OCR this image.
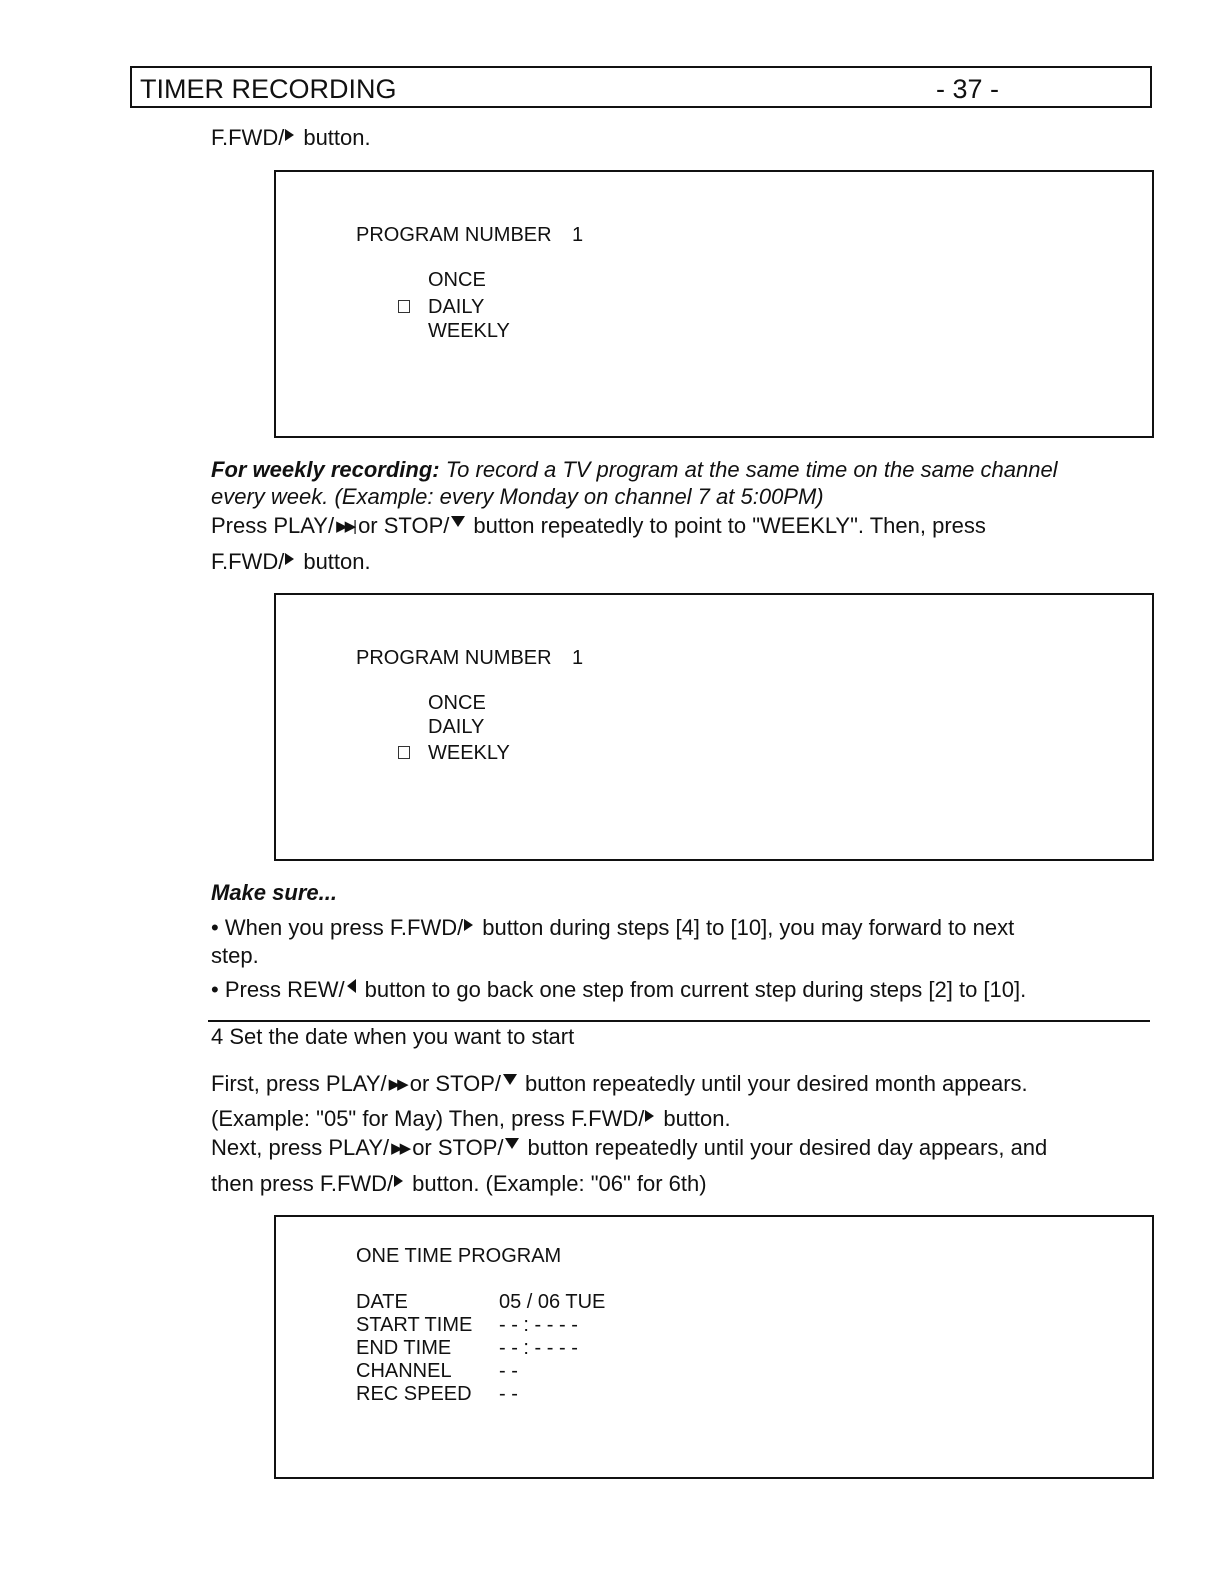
TIMER RECORDING	- 37 -
F.FWD/ button.
PROGRAM NUMBER 1
ONCE
DAILY
WEEKLY
For weekly recording: To record a TV program at the same time on the same channel
every week. (Example: every Monday on channel 7 at 5:00PM)
Press PLAY/ ▶▶| or STOP/ button repeatedly to point to "WEEKLY". Then, press
F.FWD/ button.
PROGRAM NUMBER 1
ONCE
DAILY
WEEKLY
Make sure...
• When you press F.FWD/ button during steps [4] to [10], you may forward to next
step.
• Press REW/ button to go back one step from current step during steps [2] to [10].
4 Set the date when you want to start
First, press PLAY/ ▶▶ or STOP/ button repeatedly until your desired month appears.
(Example: "05" for May) Then, press F.FWD/ button.
Next, press PLAY/ ▶▶ or STOP/ button repeatedly until your desired day appears, and
then press F.FWD/ button. (Example: "06" for 6th)
ONE TIME PROGRAM
DATE	05 / 06 TUE
START TIME - - : - - - -
END TIME - - : - - - -
CHANNEL - -
REC SPEED - -
